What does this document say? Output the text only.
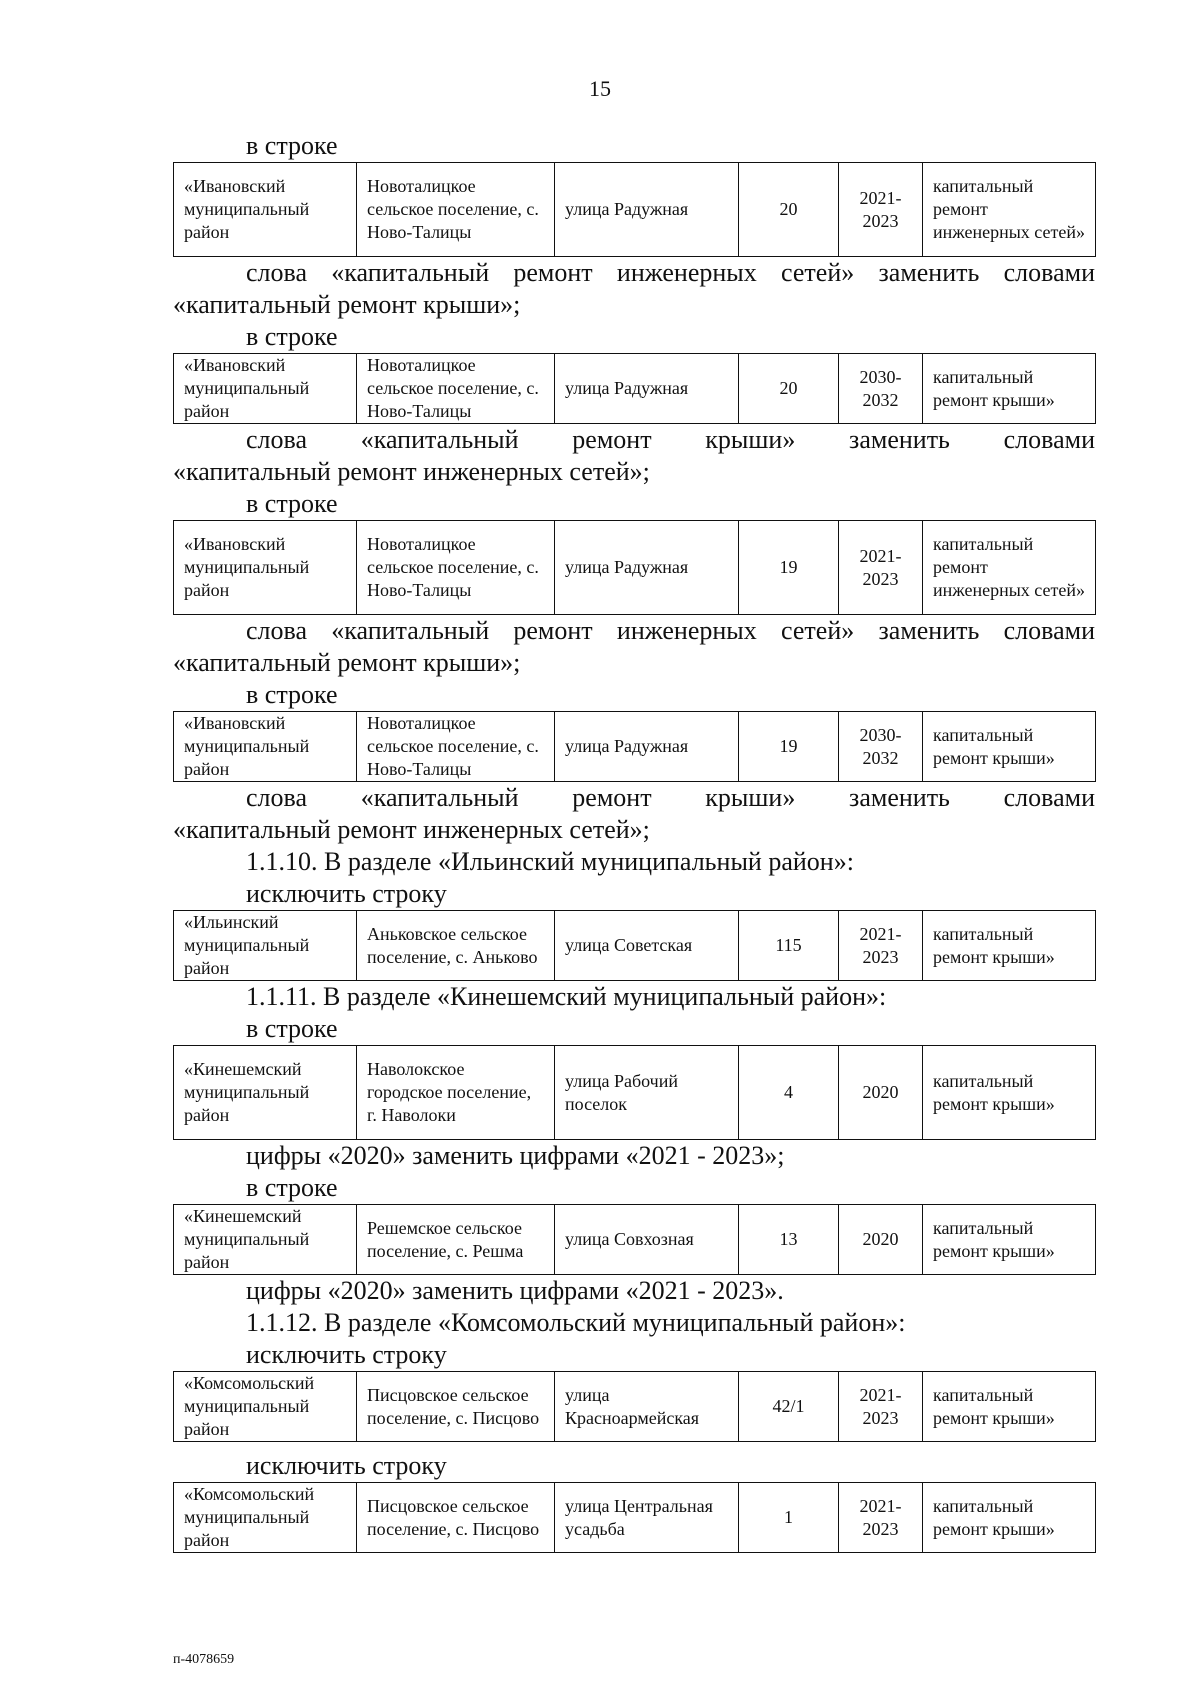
15
в строке
«Ивановский муниципальный район	Новоталицкое сельское поселение, с. Ново-Талицы	улица Радужная	20	2021-2023	капитальный ремонт инженерных сетей»
слова «капитальный ремонт инженерных сетей» заменить словами
«капитальный ремонт крыши»;
в строке
«Ивановский муниципальный район	Новоталицкое сельское поселение, с. Ново-Талицы	улица Радужная	20	2030-2032	капитальный ремонт крыши»
слова «капитальный ремонт крыши» заменить словами
«капитальный ремонт инженерных сетей»;
в строке
«Ивановский муниципальный район	Новоталицкое сельское поселение, с. Ново-Талицы	улица Радужная	19	2021-2023	капитальный ремонт инженерных сетей»
слова «капитальный ремонт инженерных сетей» заменить словами
«капитальный ремонт крыши»;
в строке
«Ивановский муниципальный район	Новоталицкое сельское поселение, с. Ново-Талицы	улица Радужная	19	2030-2032	капитальный ремонт крыши»
слова «капитальный ремонт крыши» заменить словами
«капитальный ремонт инженерных сетей»;
1.1.10. В разделе «Ильинский муниципальный район»:
исключить строку
«Ильинский муниципальный район	Аньковское сельское поселение, с. Аньково	улица Советская	115	2021-2023	капитальный ремонт крыши»
1.1.11. В разделе «Кинешемский муниципальный район»:
в строке
«Кинешемский муниципальный район	Наволокское городское поселение, г. Наволоки	улица Рабочий поселок	4	2020	капитальный ремонт крыши»
цифры «2020» заменить цифрами «2021 - 2023»;
в строке
«Кинешемский муниципальный район	Решемское сельское поселение, с. Решма	улица Совхозная	13	2020	капитальный ремонт крыши»
цифры «2020» заменить цифрами «2021 - 2023».
1.1.12. В разделе «Комсомольский муниципальный район»:
исключить строку
«Комсомольский муниципальный район	Писцовское сельское поселение, с. Писцово	улица Красноармейская	42/1	2021-2023	капитальный ремонт крыши»
исключить строку
«Комсомольский муниципальный район	Писцовское сельское поселение, с. Писцово	улица Центральная усадьба	1	2021-2023	капитальный ремонт крыши»
п-4078659
